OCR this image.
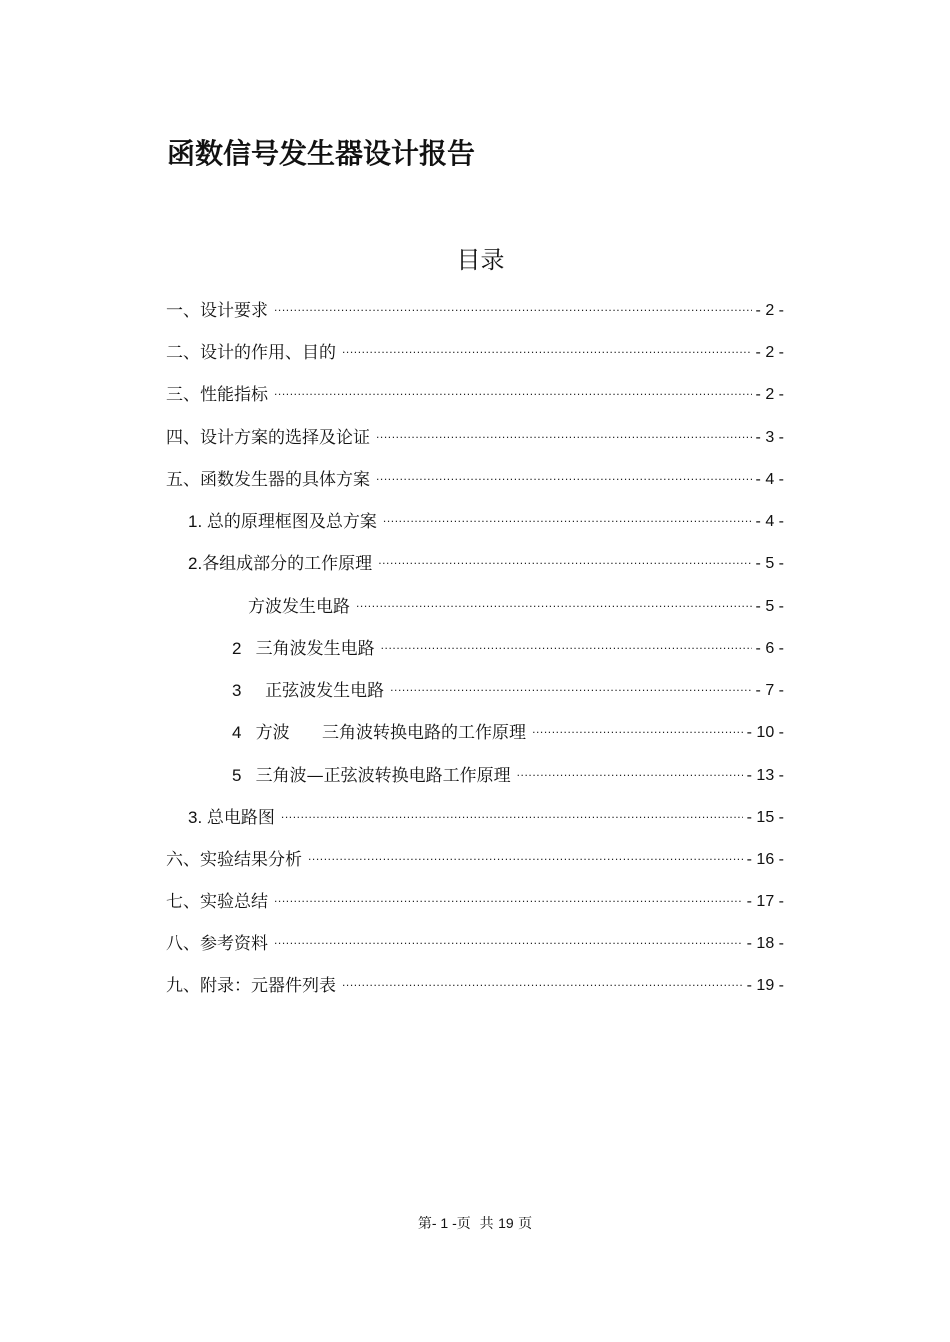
函数信号发生器设计报告
目录
一、设计要求 .....	- 2 -
二、设计的作用、目的 .....	- 2 -
三、性能指标 .....	- 2 -
四、设计方案的选择及论证 .....	- 3 -
五、函数发生器的具体方案 .....	- 4 -
1. 总的原理框图及总方案 .....	- 4 -
2.各组成部分的工作原理 .....	- 5 -
方波发生电路 .....	- 5 -
2   三角波发生电路 .....	- 6 -
3     正弦波发生电路 .....	- 7 -
4   方波      三角波转换电路的工作原理 .....	- 10 -
5   三角波—正弦波转换电路工作原理 .....	- 13 -
3. 总电路图 .....	- 15 -
六、实验结果分析 .....	- 16 -
七、实验总结 .....	- 17 -
八、参考资料 .....	- 18 -
九、附录：元器件列表 .....	- 19 -
第- 1 -页  共 19 页
